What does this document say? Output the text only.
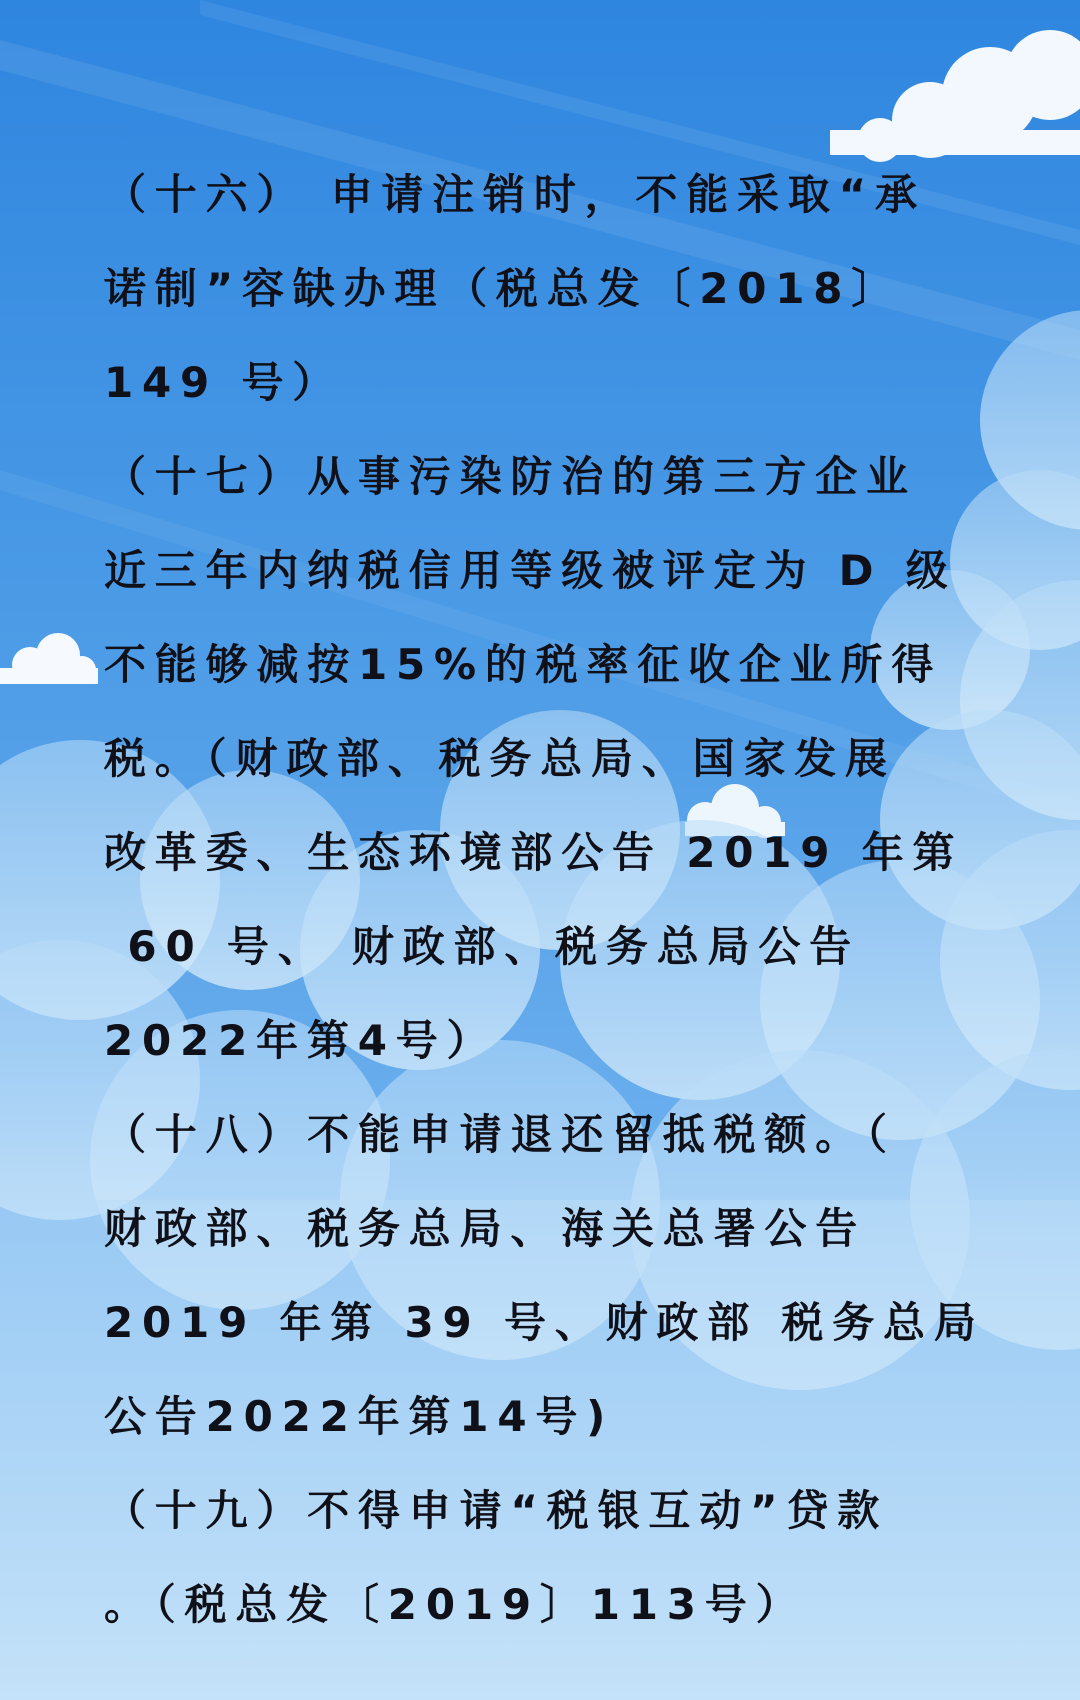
（十六） 申请注销时，不能采取“承
诺制”容缺办理（税总发〔2018〕
149 号）
（十七）从事污染防治的第三方企业
近三年内纳税信用等级被评定为 D 级
不能够减按15%的税率征收企业所得
税。（财政部、税务总局、国家发展
改革委、生态环境部公告 2019 年第
60 号、 财政部、税务总局公告
2022年第4号）
（十八）不能申请退还留抵税额。（
财政部、税务总局、海关总署公告
2019 年第 39 号、财政部 税务总局
公告2022年第14号)
（十九）不得申请“税银互动”贷款
。（税总发〔2019〕113号）
